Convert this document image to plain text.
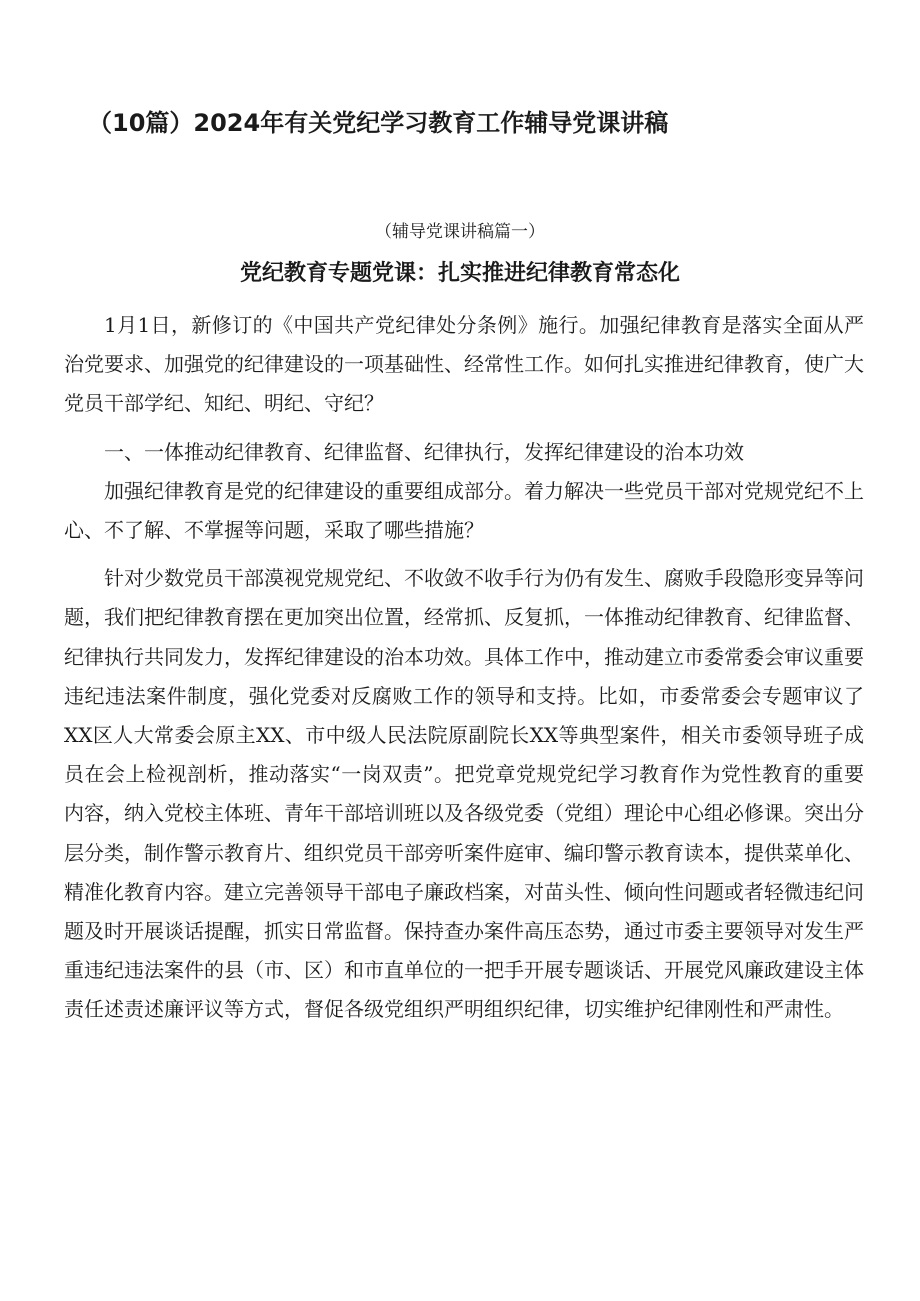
（10篇）2024年有关党纪学习教育工作辅导党课讲稿
（辅导党课讲稿篇一）
党纪教育专题党课：扎实推进纪律教育常态化

1月1日，新修订的《中国共产党纪律处分条例》施行。加强纪律教育是落实全面从严治党要求、加强党的纪律建设的一项基础性、经常性工作。如何扎实推进纪律教育，使广大党员干部学纪、知纪、明纪、守纪？

一、一体推动纪律教育、纪律监督、纪律执行，发挥纪律建设的治本功效

加强纪律教育是党的纪律建设的重要组成部分。着力解决一些党员干部对党规党纪不上心、不了解、不掌握等问题，采取了哪些措施？

针对少数党员干部漠视党规党纪、不收敛不收手行为仍有发生、腐败手段隐形变异等问题，我们把纪律教育摆在更加突出位置，经常抓、反复抓，一体推动纪律教育、纪律监督、纪律执行共同发力，发挥纪律建设的治本功效。具体工作中，推动建立市委常委会审议重要违纪违法案件制度，强化党委对反腐败工作的领导和支持。比如，市委常委会专题审议了XX区人大常委会原主XX、市中级人民法院原副院长XX等典型案件，相关市委领导班子成员在会上检视剖析，推动落实“一岗双责”。把党章党规党纪学习教育作为党性教育的重要内容，纳入党校主体班、青年干部培训班以及各级党委（党组）理论中心组必修课。突出分层分类，制作警示教育片、组织党员干部旁听案件庭审、编印警示教育读本，提供菜单化、精准化教育内容。建立完善领导干部电子廉政档案，对苗头性、倾向性问题或者轻微违纪问题及时开展谈话提醒，抓实日常监督。保持查办案件高压态势，通过市委主要领导对发生严重违纪违法案件的县（市、区）和市直单位的一把手开展专题谈话、开展党风廉政建设主体责任述责述廉评议等方式，督促各级党组织严明组织纪律，切实维护纪律刚性和严肃性。
